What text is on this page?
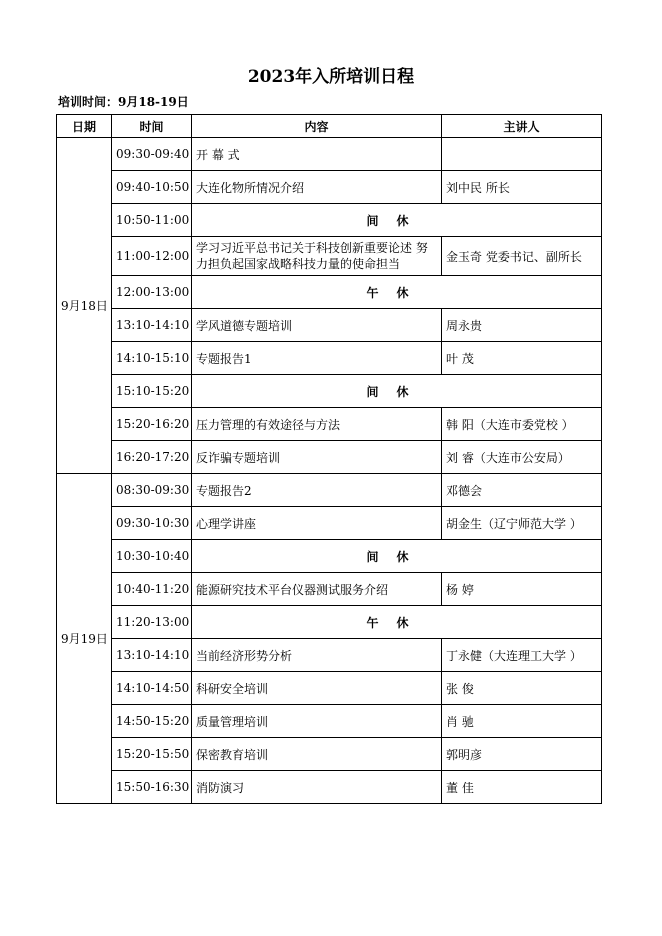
2023年入所培训日程
培训时间：9月18-19日
日期	时间	内容	主讲人
9月18日	09:30-09:40	开 幕 式	
	09:40-10:50	大连化物所情况介绍	刘中民 所长
	10:50-11:00	间休	
	11:00-12:00	学习习近平总书记关于科技创新重要论述 努力担负起国家战略科技力量的使命担当	金玉奇 党委书记、副所长
	12:00-13:00	午休	
	13:10-14:10	学风道德专题培训	周永贵
	14:10-15:10	专题报告1	叶 茂
	15:10-15:20	间休	
	15:20-16:20	压力管理的有效途径与方法	韩 阳（大连市委党校 ）
	16:20-17:20	反诈骗专题培训	刘 睿（大连市公安局）
9月19日	08:30-09:30	专题报告2	邓德会
	09:30-10:30	心理学讲座	胡金生（辽宁师范大学 ）
	10:30-10:40	间休	
	10:40-11:20	能源研究技术平台仪器测试服务介绍	杨 婷
	11:20-13:00	午休	
	13:10-14:10	当前经济形势分析	丁永健（大连理工大学 ）
	14:10-14:50	科研安全培训	张 俊
	14:50-15:20	质量管理培训	肖 驰
	15:20-15:50	保密教育培训	郭明彦
	15:50-16:30	消防演习	董 佳
